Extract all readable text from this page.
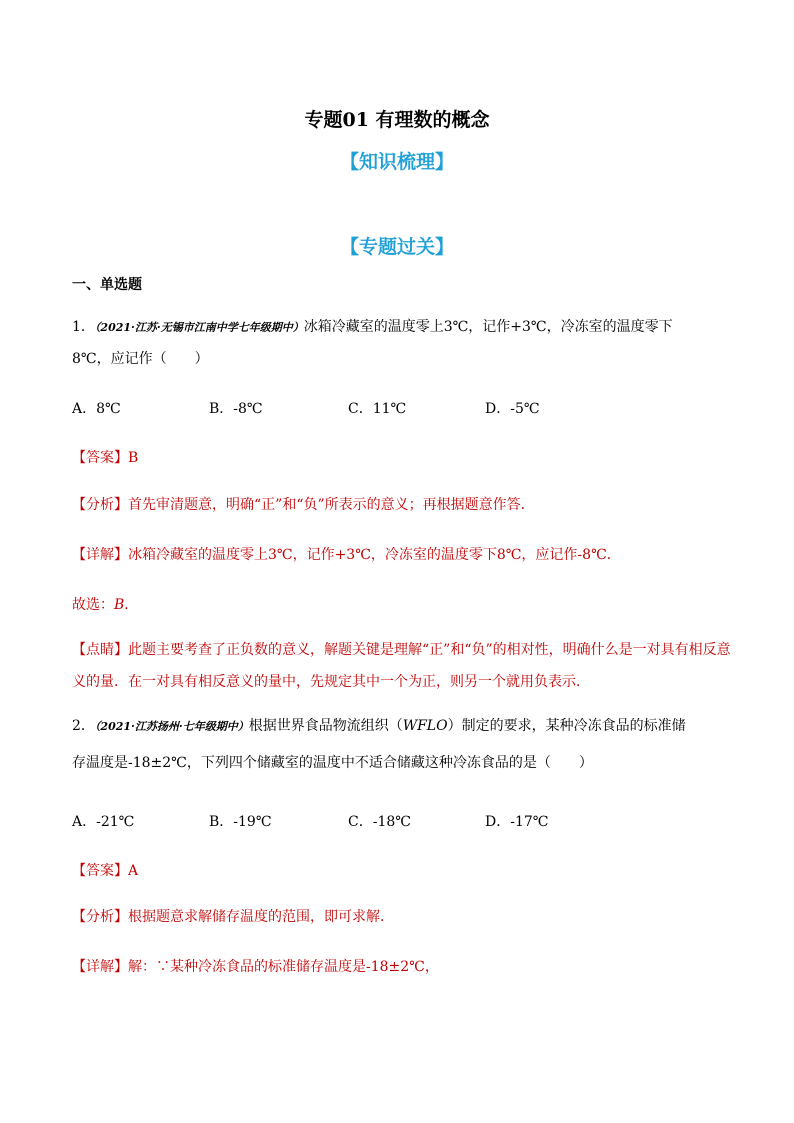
专题01 有理数的概念
【知识梳理】
【专题过关】
一、单选题
1．（2021·江苏·无锡市江南中学七年级期中）冰箱冷藏室的温度零上3℃，记作+3℃，冷冻室的温度零下
8℃，应记作（　　）
A．8℃	B．-8℃	C．11℃	D．-5℃
【答案】B
【分析】首先审清题意，明确“正”和“负”所表示的意义；再根据题意作答．
【详解】冰箱冷藏室的温度零上3℃，记作+3℃，冷冻室的温度零下8℃，应记作-8℃．
故选：B．
【点睛】此题主要考查了正负数的意义，解题关键是理解“正”和“负”的相对性，明确什么是一对具有相反意
义的量．在一对具有相反意义的量中，先规定其中一个为正，则另一个就用负表示．
2．（2021·江苏扬州·七年级期中）根据世界食品物流组织（WFLO）制定的要求，某种冷冻食品的标准储
存温度是-18±2℃，下列四个储藏室的温度中不适合储藏这种冷冻食品的是（　　）
A．-21℃	B．-19℃	C．-18℃	D．-17℃
【答案】A
【分析】根据题意求解储存温度的范围，即可求解．
【详解】解：∵某种冷冻食品的标准储存温度是-18±2℃，
